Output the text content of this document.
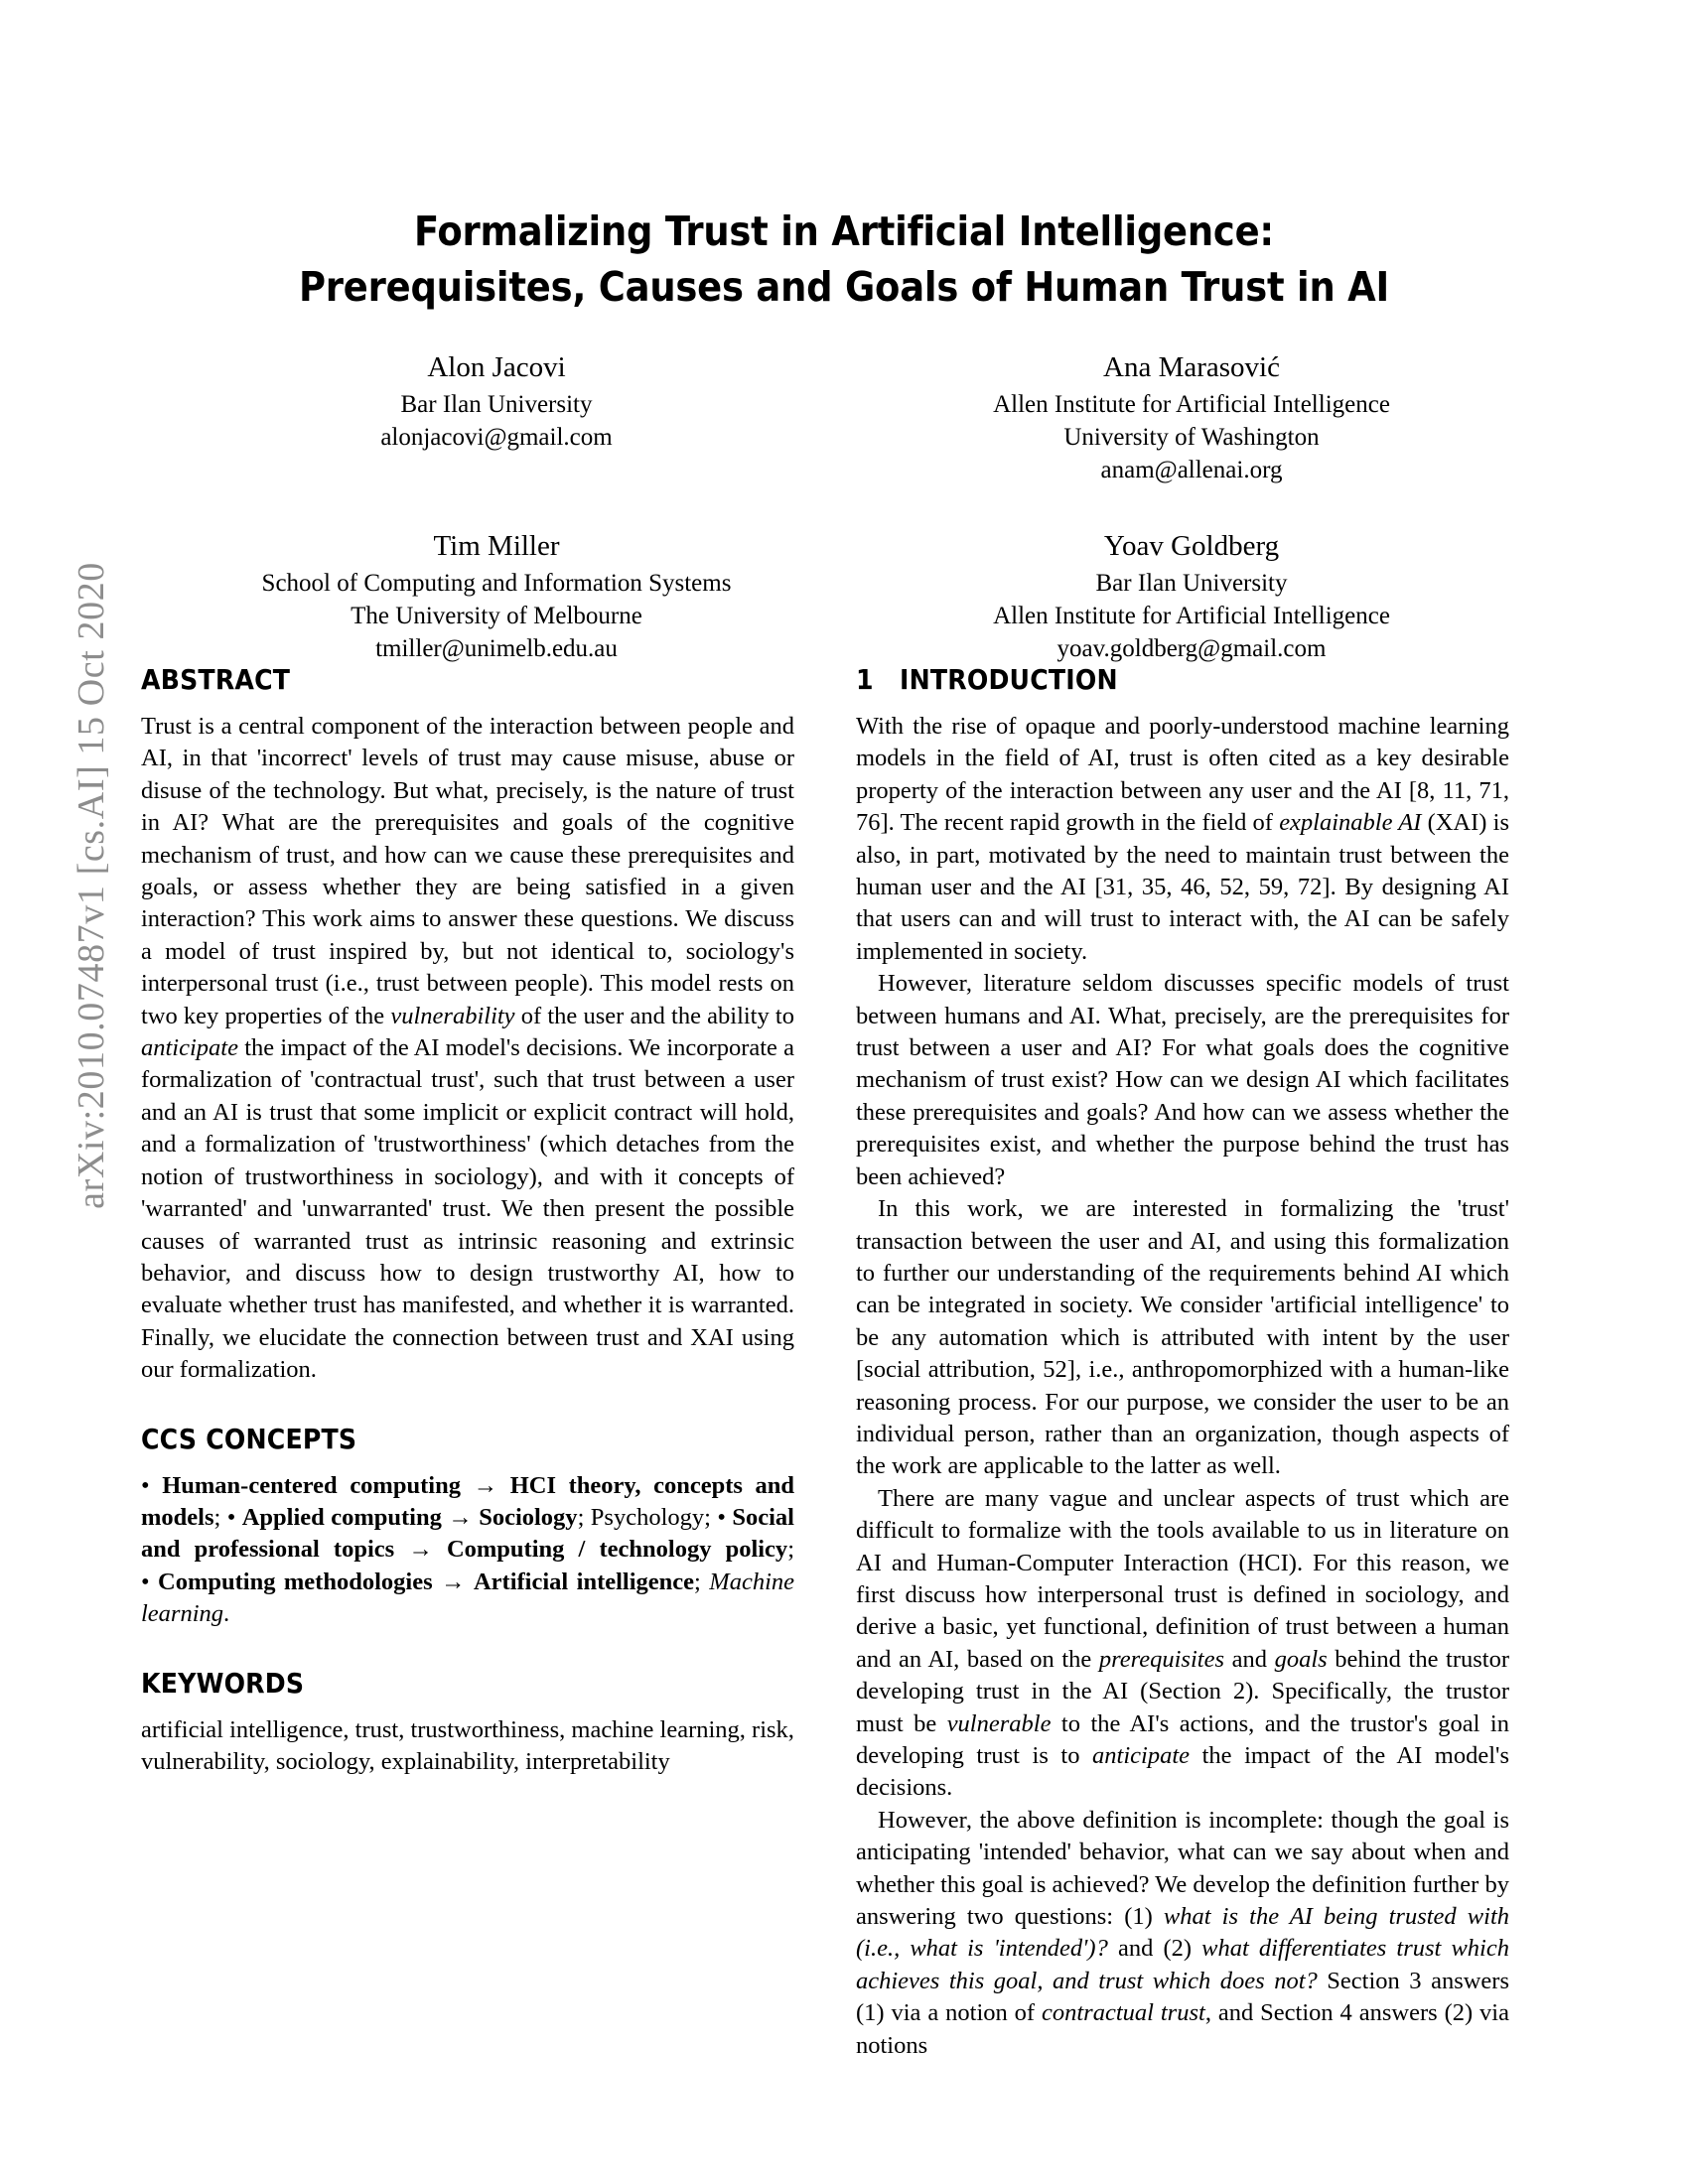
arXiv:2010.07487v1 [cs.AI] 15 Oct 2020
Formalizing Trust in Artificial Intelligence:
Prerequisites, Causes and Goals of Human Trust in AI
Alon Jacovi
Bar Ilan University
alonjacovi@gmail.com
Ana Marasović
Allen Institute for Artificial Intelligence
University of Washington
anam@allenai.org
Tim Miller
School of Computing and Information Systems
The University of Melbourne
tmiller@unimelb.edu.au
Yoav Goldberg
Bar Ilan University
Allen Institute for Artificial Intelligence
yoav.goldberg@gmail.com
ABSTRACT

Trust is a central component of the interaction between people and AI, in that 'incorrect' levels of trust may cause misuse, abuse or disuse of the technology. But what, precisely, is the nature of trust in AI? What are the prerequisites and goals of the cognitive mechanism of trust, and how can we cause these prerequisites and goals, or assess whether they are being satisfied in a given interaction? This work aims to answer these questions. We discuss a model of trust inspired by, but not identical to, sociology's interpersonal trust (i.e., trust between people). This model rests on two key properties of the vulnerability of the user and the ability to anticipate the impact of the AI model's decisions. We incorporate a formalization of 'contractual trust', such that trust between a user and an AI is trust that some implicit or explicit contract will hold, and a formalization of 'trustworthiness' (which detaches from the notion of trustworthiness in sociology), and with it concepts of 'warranted' and 'unwarranted' trust. We then present the possible causes of warranted trust as intrinsic reasoning and extrinsic behavior, and discuss how to design trustworthy AI, how to evaluate whether trust has manifested, and whether it is warranted. Finally, we elucidate the connection between trust and XAI using our formalization.

CCS CONCEPTS

• Human-centered computing → HCI theory, concepts and models; • Applied computing → Sociology; Psychology; • Social and professional topics → Computing / technology policy; • Computing methodologies → Artificial intelligence; Machine learning.

KEYWORDS

artificial intelligence, trust, trustworthiness, machine learning, risk, vulnerability, sociology, explainability, interpretability

1 INTRODUCTION

With the rise of opaque and poorly-understood machine learning models in the field of AI, trust is often cited as a key desirable property of the interaction between any user and the AI [8, 11, 71, 76]. The recent rapid growth in the field of explainable AI (XAI) is also, in part, motivated by the need to maintain trust between the human user and the AI [31, 35, 46, 52, 59, 72]. By designing AI that users can and will trust to interact with, the AI can be safely implemented in society.

However, literature seldom discusses specific models of trust between humans and AI. What, precisely, are the prerequisites for trust between a user and AI? For what goals does the cognitive mechanism of trust exist? How can we design AI which facilitates these prerequisites and goals? And how can we assess whether the prerequisites exist, and whether the purpose behind the trust has been achieved?

In this work, we are interested in formalizing the 'trust' transaction between the user and AI, and using this formalization to further our understanding of the requirements behind AI which can be integrated in society. We consider 'artificial intelligence' to be any automation which is attributed with intent by the user [social attribution, 52], i.e., anthropomorphized with a human-like reasoning process. For our purpose, we consider the user to be an individual person, rather than an organization, though aspects of the work are applicable to the latter as well.

There are many vague and unclear aspects of trust which are difficult to formalize with the tools available to us in literature on AI and Human-Computer Interaction (HCI). For this reason, we first discuss how interpersonal trust is defined in sociology, and derive a basic, yet functional, definition of trust between a human and an AI, based on the prerequisites and goals behind the trustor developing trust in the AI (Section 2). Specifically, the trustor must be vulnerable to the AI's actions, and the trustor's goal in developing trust is to anticipate the impact of the AI model's decisions.

However, the above definition is incomplete: though the goal is anticipating 'intended' behavior, what can we say about when and whether this goal is achieved? We develop the definition further by answering two questions: (1) what is the AI being trusted with (i.e., what is 'intended')? and (2) what differentiates trust which achieves this goal, and trust which does not? Section 3 answers (1) via a notion of contractual trust, and Section 4 answers (2) via notions
